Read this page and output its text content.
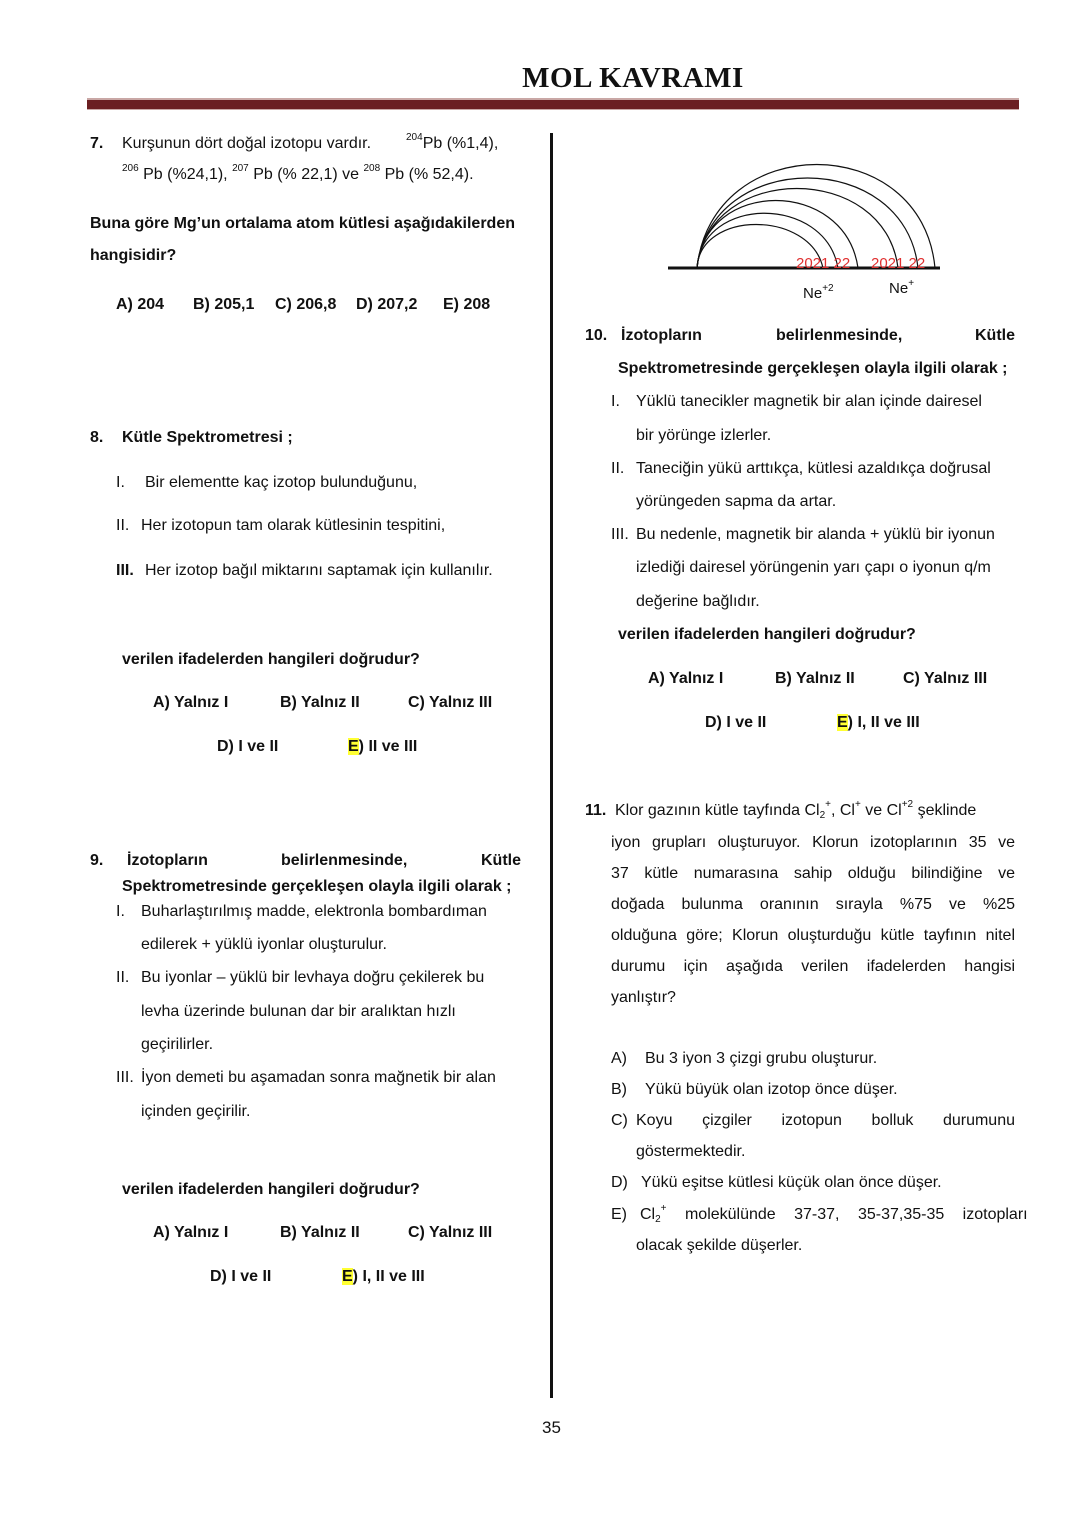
MOL KAVRAMI
7. Kurşunun dört doğal izotopu vardır.	$^{204}$Pb (%1,4),
$^{206}$ Pb (%24,1), $^{207}$ Pb (% 22,1) ve $^{208}$ Pb (% 52,4).
Buna göre Mg’un ortalama atom kütlesi aşağıdakilerden
hangisidir?
A) 204 B) 205,1 C) 206,8 D) 207,2 E) 208
8. Kütle Spektrometresi ;
I. Bir elementte kaç izotop bulunduğunu,
II. Her izotopun tam olarak kütlesinin tespitini,
III. Her izotop bağıl miktarını saptamak için kullanılır.
verilen ifadelerden hangileri doğrudur?
A) Yalnız I	B) Yalnız II	C) Yalnız III
D) I ve II	E) II ve III
9. İzotopların	belirlenmesinde,	Kütle
Spektrometresinde gerçekleşen olayla ilgili olarak ;
I. Buharlaştırılmış madde, elektronla bombardıman
edilerek + yüklü iyonlar oluşturulur.
II. Bu iyonlar – yüklü bir levhaya doğru çekilerek bu
levha üzerinde bulunan dar bir aralıktan hızlı
geçirilirler.
III. İyon demeti bu aşamadan sonra mağnetik bir alan
içinden geçirilir.
verilen ifadelerden hangileri doğrudur?
A) Yalnız I	B) Yalnız II	C) Yalnız III
D) I ve II	E) I, II ve III
2021 22 2021 22
$Ne^{+2}$	Ne+
10. İzotopların	belirlenmesinde,	Kütle
Spektrometresinde gerçekleşen olayla ilgili olarak ;
I. Yüklü tanecikler magnetik bir alan içinde dairesel
bir yörünge izlerler.
II. Taneciğin yükü arttıkça, kütlesi azaldıkça doğrusal
yörüngeden sapma da artar.
III. Bu nedenle, magnetik bir alanda + yüklü bir iyonun
izlediği dairesel yörüngenin yarı çapı o iyonun q/m
değerine bağlıdır.
verilen ifadelerden hangileri doğrudur?
A) Yalnız I	B) Yalnız II	C) Yalnız III
D) I ve II	E) I, II ve III
11. Klor gazının kütle tayfında $Cl_2^+$, Cl+ ve $Cl^{+2}$ şeklinde
iyon grupları oluşturuyor. Klorun izotoplarının 35 ve
37 kütle numarasına sahip olduğu bilindiğine ve
doğada bulunma oranının sırayla %75 ve %25
olduğuna göre; Klorun oluşturduğu kütle tayfının nitel
durumu için aşağıda verilen ifadelerden hangisi
yanlıştır?
A) Bu 3 iyon 3 çizgi grubu oluşturur.
B) Yükü büyük olan izotop önce düşer.
C) Koyu çizgiler izotopun bolluk durumunu
göstermektedir.
D) Yükü eşitse kütlesi küçük olan önce düşer.
E) $Cl_2^+$ molekülünde 37-37, 35-37,35-35 izotopları
olacak şekilde düşerler.
35
